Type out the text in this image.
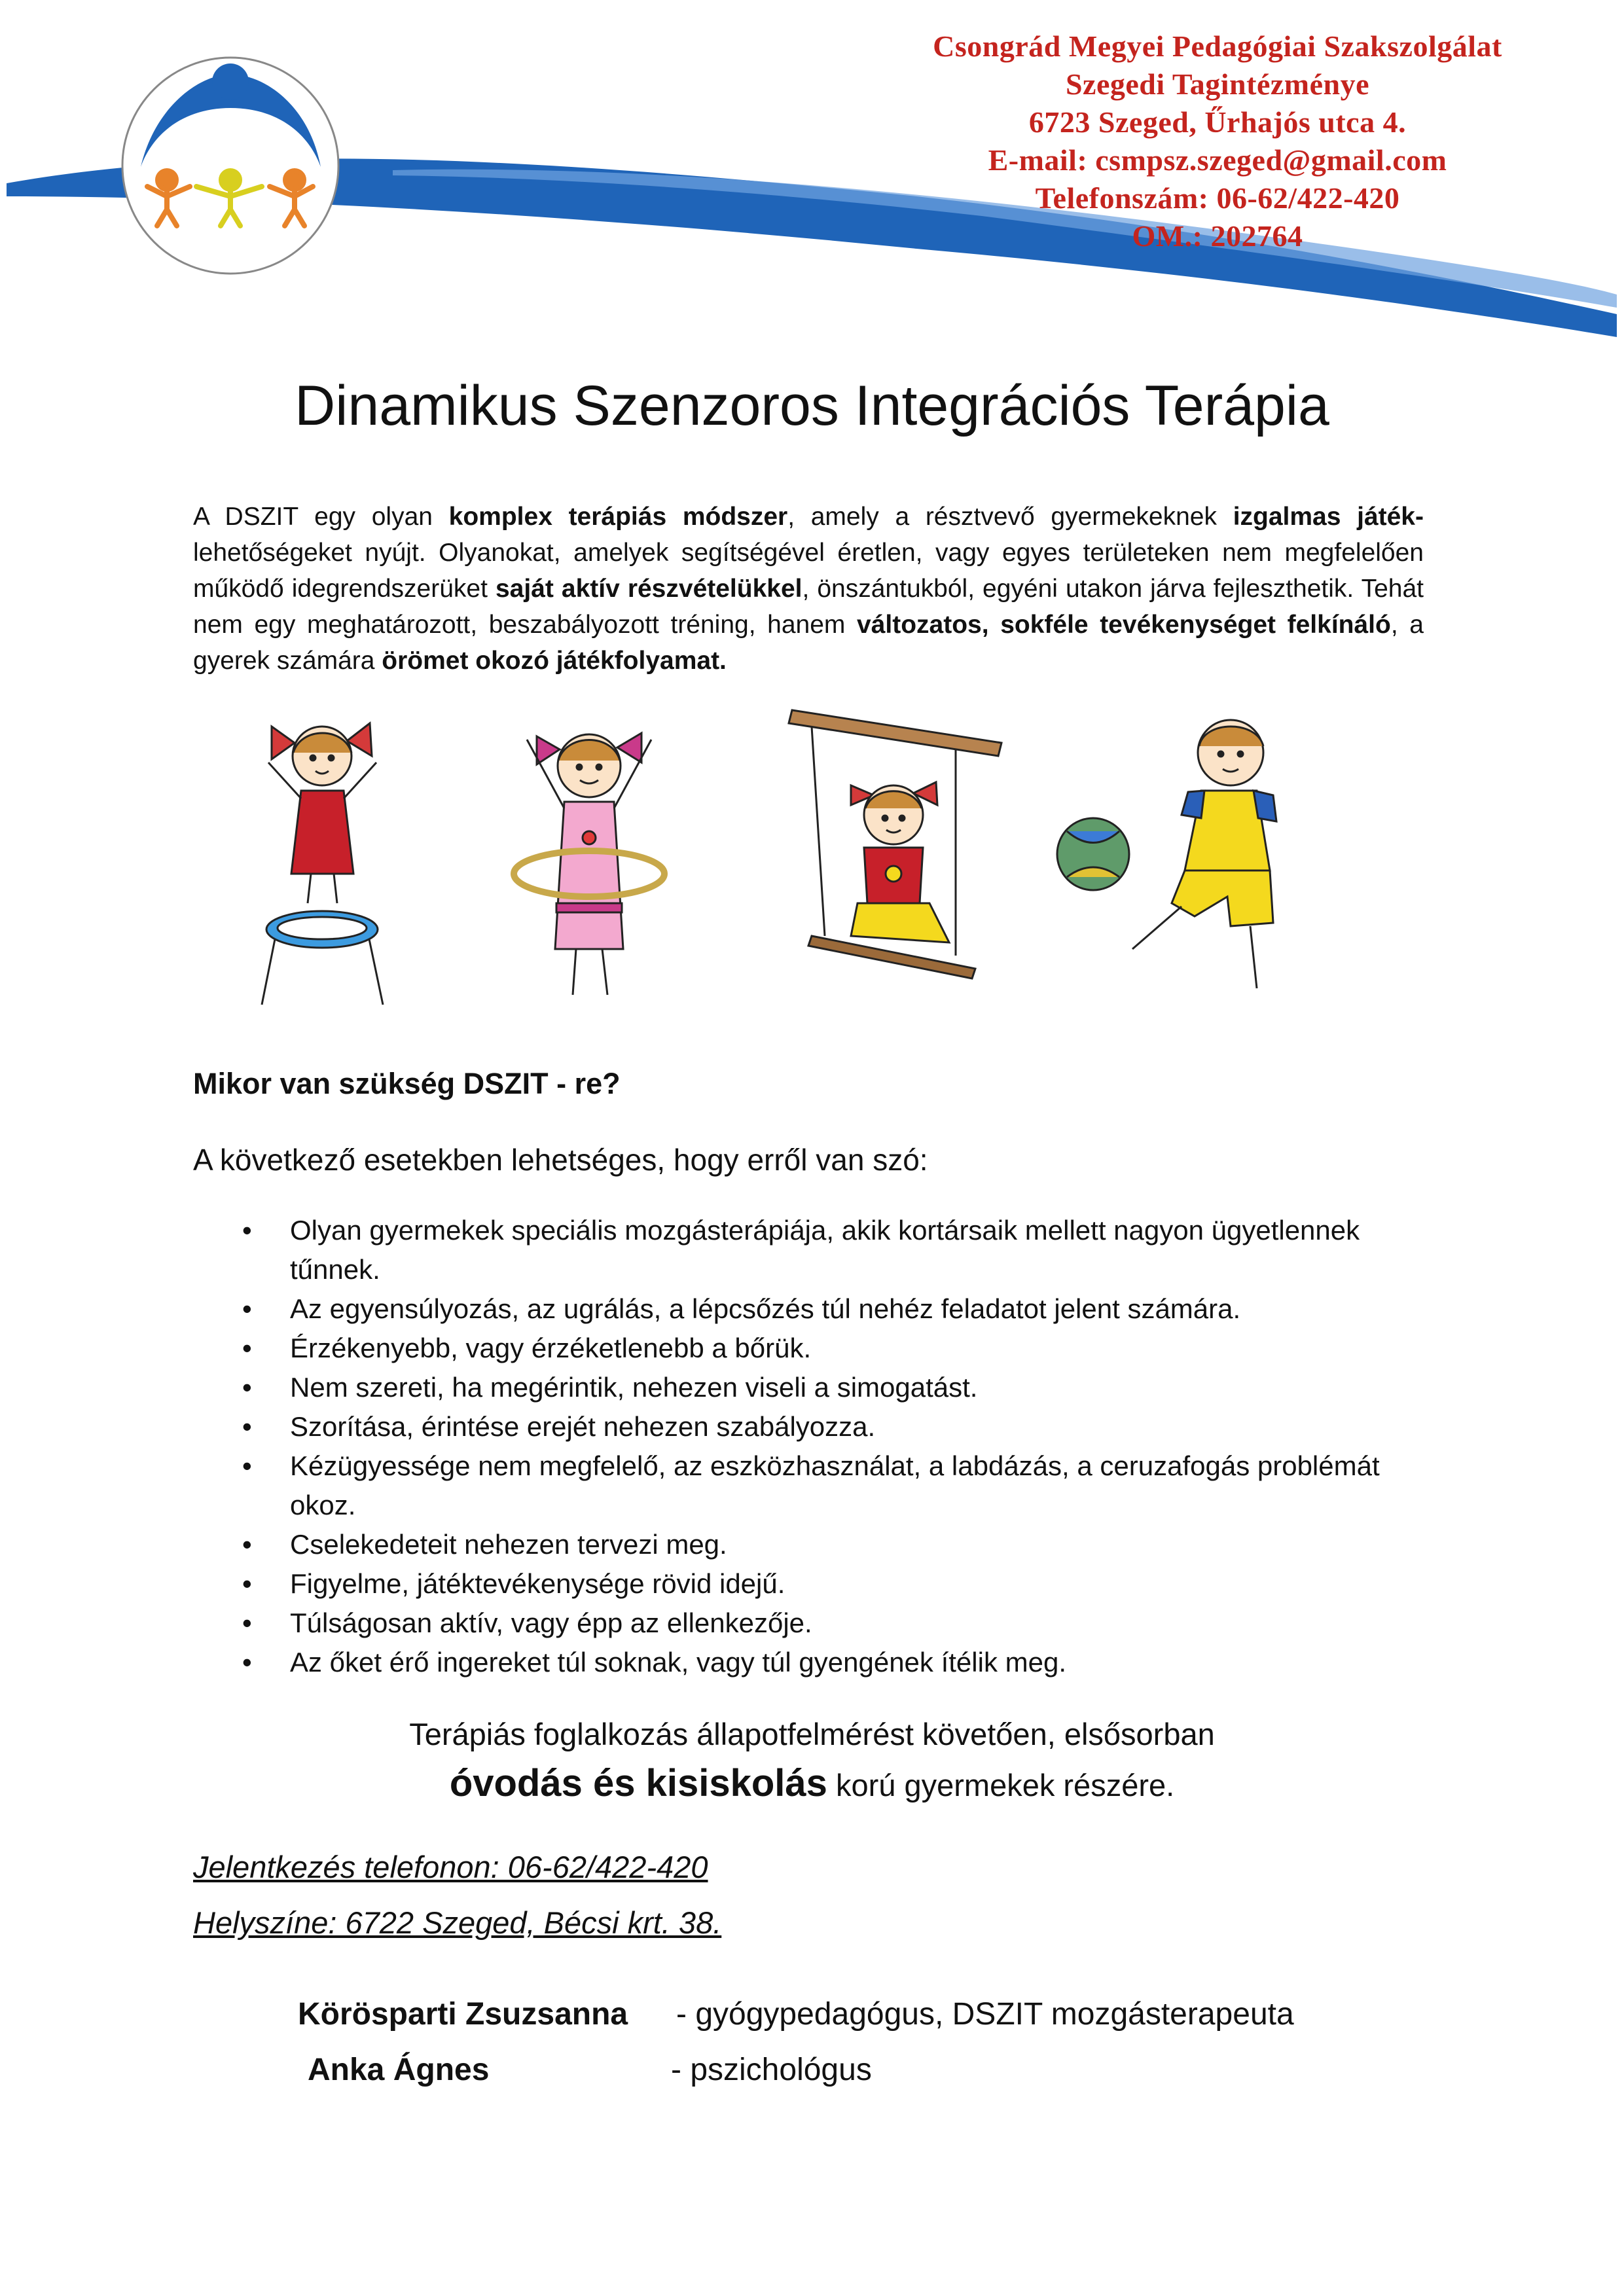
Csongrád Megyei Pedagógiai Szakszolgálat
Szegedi Tagintézménye
6723 Szeged, Űrhajós utca 4.
E-mail: csmpsz.szeged@gmail.com
Telefonszám: 06-62/422-420
OM.: 202764
Dinamikus Szenzoros Integrációs Terápia
A DSZIT egy olyan komplex terápiás módszer, amely a résztvevő gyermekeknek izgalmas játék-lehetőségeket nyújt. Olyanokat, amelyek segítségével éretlen, vagy egyes területeken nem megfelelően működő idegrendszerüket saját aktív részvételükkel, önszántukból, egyéni utakon járva fejleszthetik. Tehát nem egy meghatározott, beszabályozott tréning, hanem változatos, sokféle tevékenységet felkínáló, a gyerek számára örömet okozó játékfolyamat.
Mikor van szükség DSZIT - re?
A következő esetekben lehetséges, hogy erről van szó:
• Olyan gyermekek speciális mozgásterápiája, akik kortársaik mellett nagyon ügyetlennek tűnnek.
• Az egyensúlyozás, az ugrálás, a lépcsőzés túl nehéz feladatot jelent számára.
• Érzékenyebb, vagy érzéketlenebb a bőrük.
• Nem szereti, ha megérintik, nehezen viseli a simogatást.
• Szorítása, érintése erejét nehezen szabályozza.
• Kézügyessége nem megfelelő, az eszközhasználat, a labdázás, a ceruzafogás problémát okoz.
• Cselekedeteit nehezen tervezi meg.
• Figyelme, játéktevékenysége rövid idejű.
• Túlságosan aktív, vagy épp az ellenkezője.
• Az őket érő ingereket túl soknak, vagy túl gyengének ítélik meg.
Terápiás foglalkozás állapotfelmérést követően, elsősorban
óvodás és kisiskolás korú gyermekek részére.
Jelentkezés telefonon: 06-62/422-420
Helyszíne: 6722 Szeged, Bécsi krt. 38.
Körösparti Zsuzsanna - gyógypedagógus, DSZIT mozgásterapeuta
Anka Ágnes	- pszichológus
